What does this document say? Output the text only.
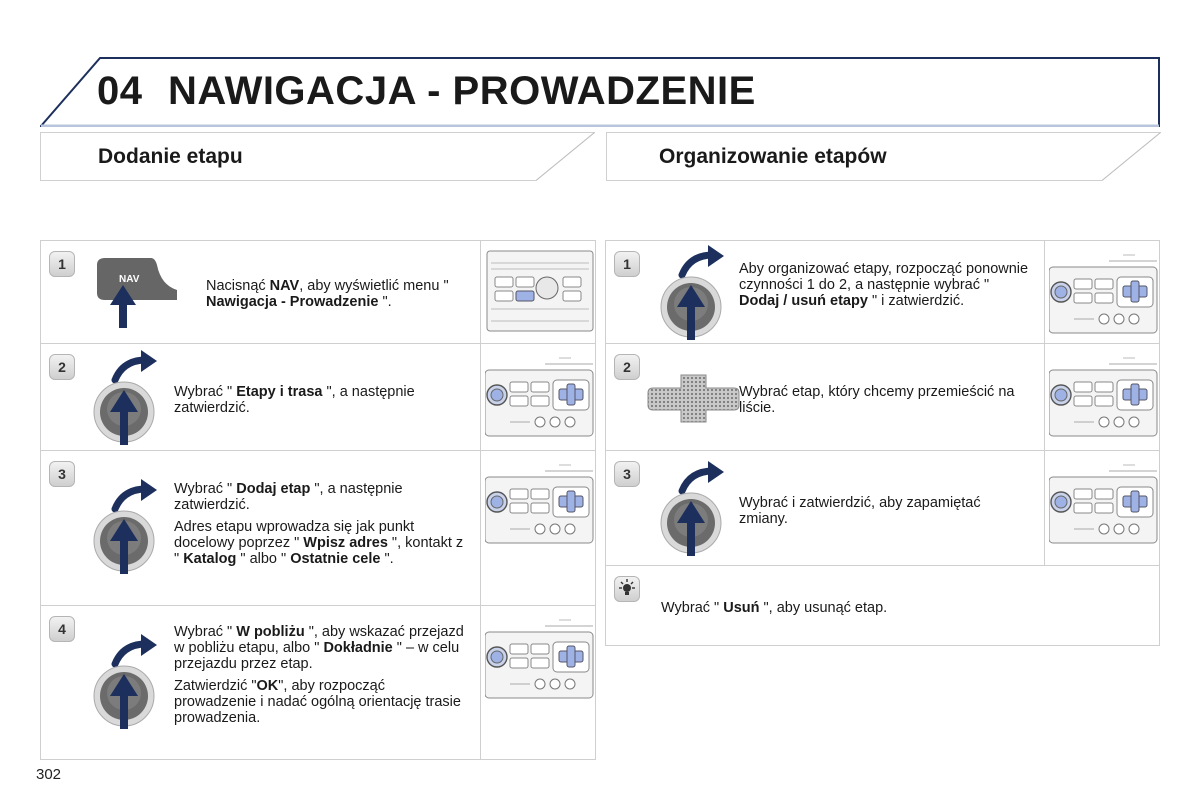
04 NAWIGACJA - PROWADZENIE
Dodanie etapu	Organizowanie etapów
1
NAV	Nacisnąć NAV, aby wyświetlić menu " Nawigacja - Prowadzenie ".

2

Wybrać " Etapy i trasa ", a następnie zatwierdzić.

3

Wybrać " Dodaj etap ", a następnie zatwierdzić.

Adres etapu wprowadza się jak punkt docelowy poprzez " Wpisz adres ", kontakt z " Katalog " albo " Ostatnie cele ".

4	Wybrać " W pobliżu ", aby wskazać przejazd w pobliżu etapu, albo " Dokładnie " – w celu przejazdu przez etap.

Zatwierdzić "OK", aby rozpocząć prowadzenie i nadać ogólną orientację trasie prowadzenia.

1	Aby organizować etapy, rozpocząć ponownie czynności 1 do 2, a następnie wybrać " Dodaj / usuń etapy " i zatwierdzić.

2

Wybrać etap, który chcemy przemieścić na liście.

3

Wybrać i zatwierdzić, aby zapamiętać zmiany.

Wybrać " Usuń ", aby usunąć etap.

302
